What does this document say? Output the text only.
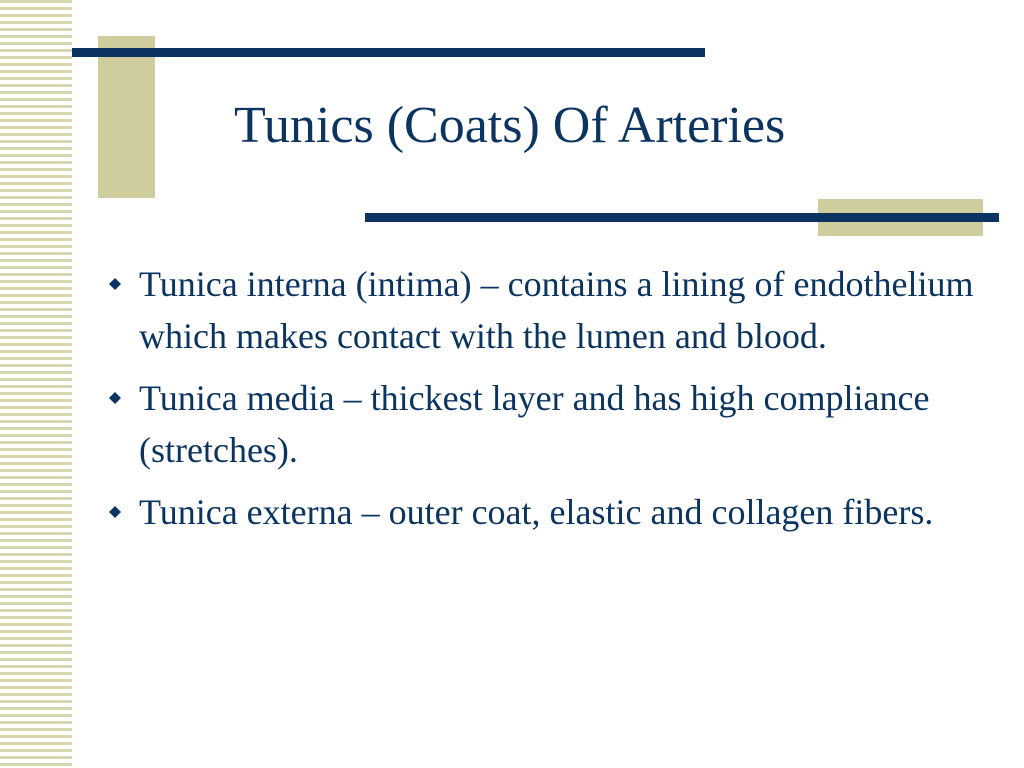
Tunics (Coats) Of Arteries
Tunica interna (intima) – contains a lining of endothelium which makes contact with the lumen and blood.
Tunica media – thickest layer and has high compliance (stretches).
Tunica externa – outer coat, elastic and collagen fibers.
